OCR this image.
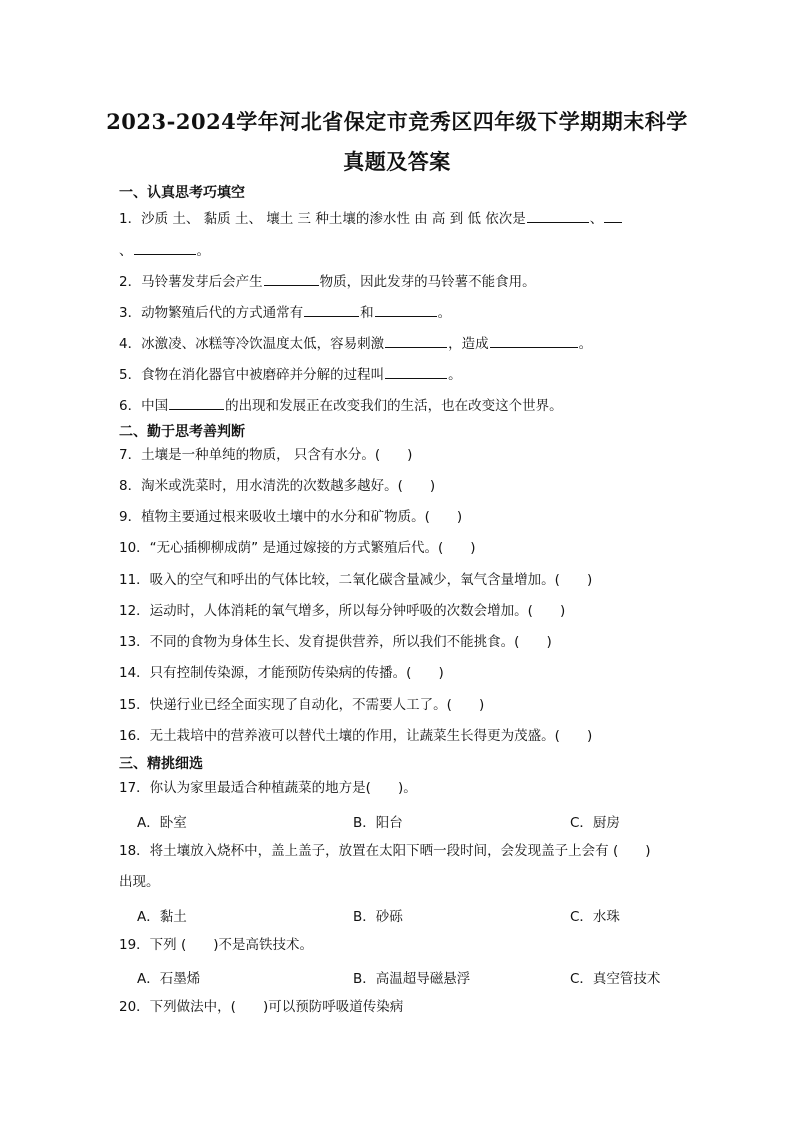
2023-2024学年河北省保定市竞秀区四年级下学期期末科学
真题及答案
一、认真思考巧填空
1．沙质 土、 黏质 土、 壤土 三 种土壤的渗水性 由 高 到 低 依次是	、
、	。
2．马铃薯发芽后会产生	物质，因此发芽的马铃薯不能食用。
3．动物繁殖后代的方式通常有	和	。
4．冰激凌、冰糕等冷饮温度太低，容易刺激	，造成	。
5．食物在消化器官中被磨碎并分解的过程叫	。
6．中国	的出现和发展正在改变我们的生活，也在改变这个世界。
二、勤于思考善判断
7．土壤是一种单纯的物质， 只含有水分。(　　)
8．淘米或洗菜时，用水清洗的次数越多越好。(　　)
9．植物主要通过根来吸收土壤中的水分和矿物质。(　　)
10．“无心插柳柳成荫” 是通过嫁接的方式繁殖后代。(　　)
11．吸入的空气和呼出的气体比较，二氧化碳含量减少，氧气含量增加。(　　)
12．运动时，人体消耗的氧气增多，所以每分钟呼吸的次数会增加。(　　)
13．不同的食物为身体生长、发育提供营养，所以我们不能挑食。(　　)
14．只有控制传染源，才能预防传染病的传播。(　　)
15．快递行业已经全面实现了自动化，不需要人工了。(　　)
16．无土栽培中的营养液可以替代土壤的作用，让蔬菜生长得更为茂盛。(　　)
三、精挑细选
17．你认为家里最适合种植蔬菜的地方是(　　)。
A．卧室	B．阳台	C．厨房
18．将土壤放入烧杯中，盖上盖子，放置在太阳下晒一段时间，会发现盖子上会有 (　　)
出现。
A．黏土	B．砂砾	C．水珠
19．下列 (　　)不是高铁技术。
A．石墨烯	B．高温超导磁悬浮	C．真空管技术
20．下列做法中，(　　)可以预防呼吸道传染病
